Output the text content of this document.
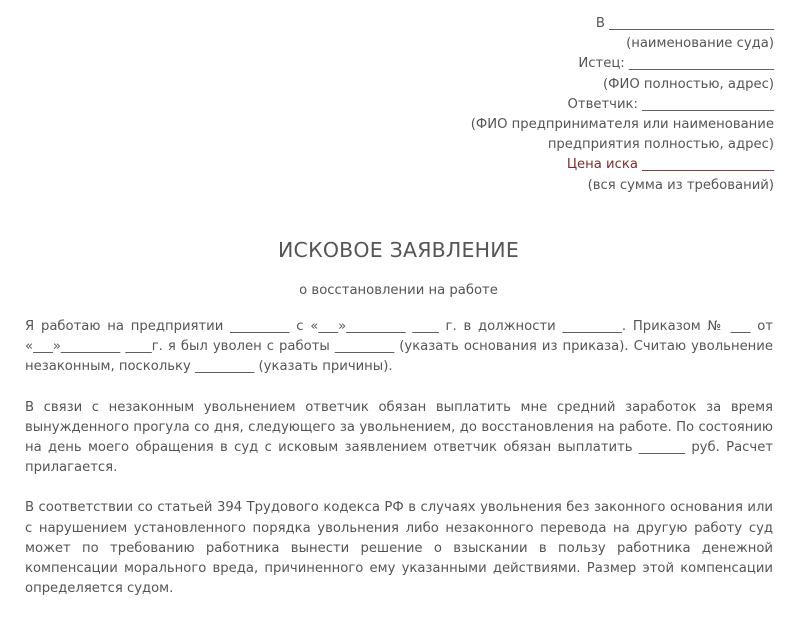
В _________________________
(наименование суда)
Истец: ______________________
(ФИО полностью, адрес)
Ответчик: ____________________
(ФИО предпринимателя или наименование предприятия полностью, адрес)
Цена иска ____________________
(вся сумма из требований)
ИСКОВОЕ ЗАЯВЛЕНИЕ
о восстановлении на работе

Я работаю на предприятии _________ с «___»_________ ____ г. в должности _________. Приказом № ___ от «___»_________ ____г. я был уволен с работы _________ (указать основания из приказа). Считаю увольнение незаконным, поскольку _________ (указать причины).

В связи с незаконным увольнением ответчик обязан выплатить мне средний заработок за время вынужденного прогула со дня, следующего за увольнением, до восстановления на работе. По состоянию на день моего обращения в суд с исковым заявлением ответчик обязан выплатить _______ руб. Расчет прилагается.

В соответствии со статьей 394 Трудового кодекса РФ в случаях увольнения без законного основания или с нарушением установленного порядка увольнения либо незаконного перевода на другую работу суд может по требованию работника вынести решение о взыскании в пользу работника денежной компенсации морального вреда, причиненного ему указанными действиями. Размер этой компенсации определяется судом.
